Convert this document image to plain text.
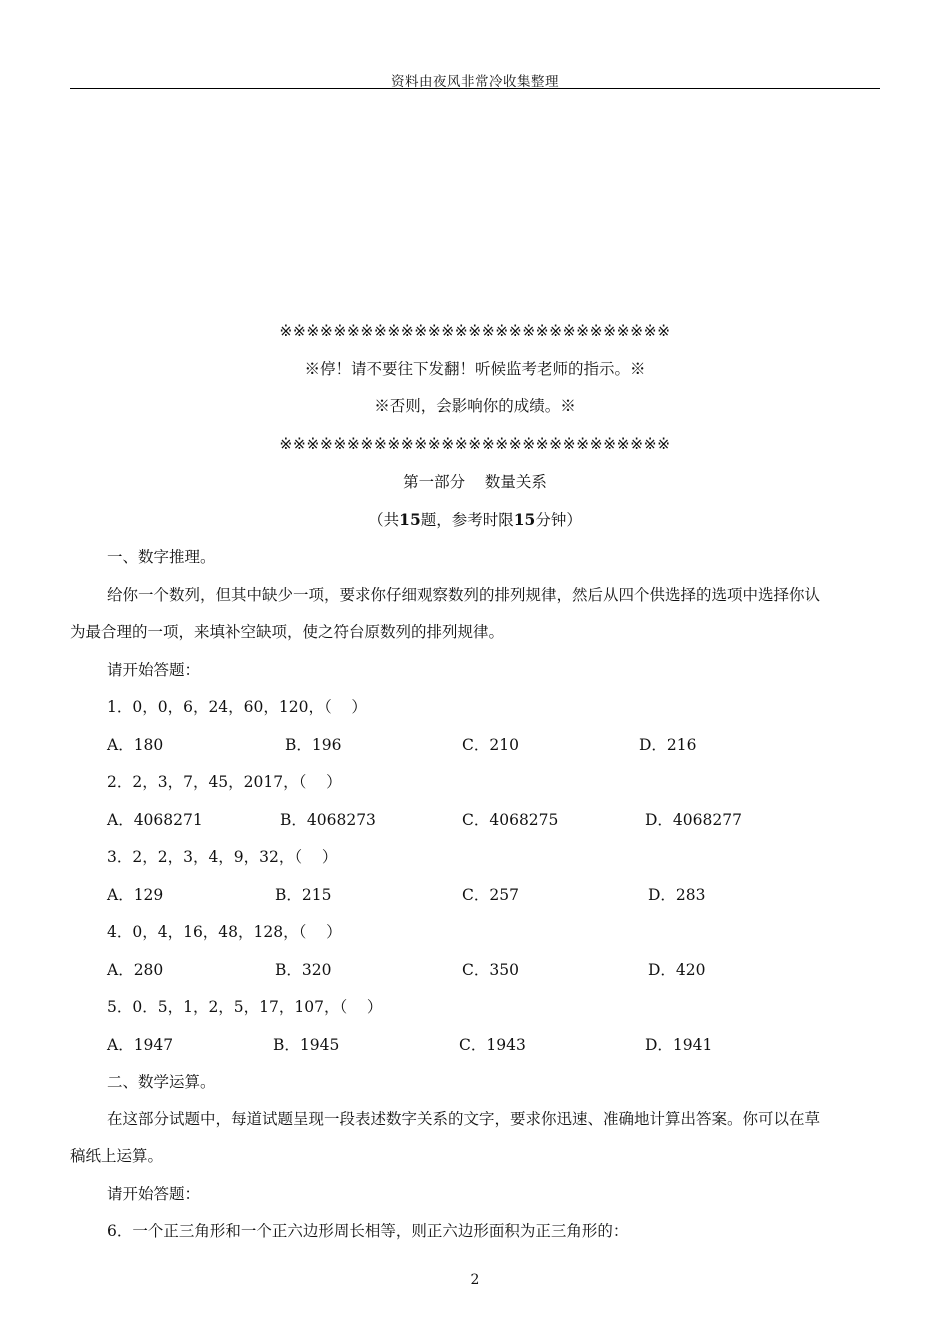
资料由夜风非常冷收集整理
※※※※※※※※※※※※※※※※※※※※※※※※※※※※※
※停！请不要往下发翻！听候监考老师的指示。※
※否则，会影响你的成绩。※
※※※※※※※※※※※※※※※※※※※※※※※※※※※※※
第一部分    数量关系
（共15题，参考时限15分钟）
一、数字推理。
给你一个数列，但其中缺少一项，要求你仔细观察数列的排列规律，然后从四个供选择的选项中选择你认
为最合理的一项，来填补空缺项，使之符台原数列的排列规律。
请开始答题：
1．0，0，6，24，60，120，（    ）
A．180	B．196	C．210	D．216
2．2，3，7，45，2017，（    ）
A．4068271	B．4068273	C．4068275	D．4068277
3．2，2，3，4，9，32，（    ）
A．129	B．215	C．257	D．283
4．0，4，16，48，128，（    ）
A．280	B．320	C．350	D．420
5．0．5，1，2，5，17，107，（    ）
A．1947	B．1945	C．1943	D．1941
二、数学运算。
在这部分试题中，每道试题呈现一段表述数字关系的文字，要求你迅速、准确地计算出答案。你可以在草
稿纸上运算。
请开始答题：
6．一个正三角形和一个正六边形周长相等，则正六边形面积为正三角形的：
2
